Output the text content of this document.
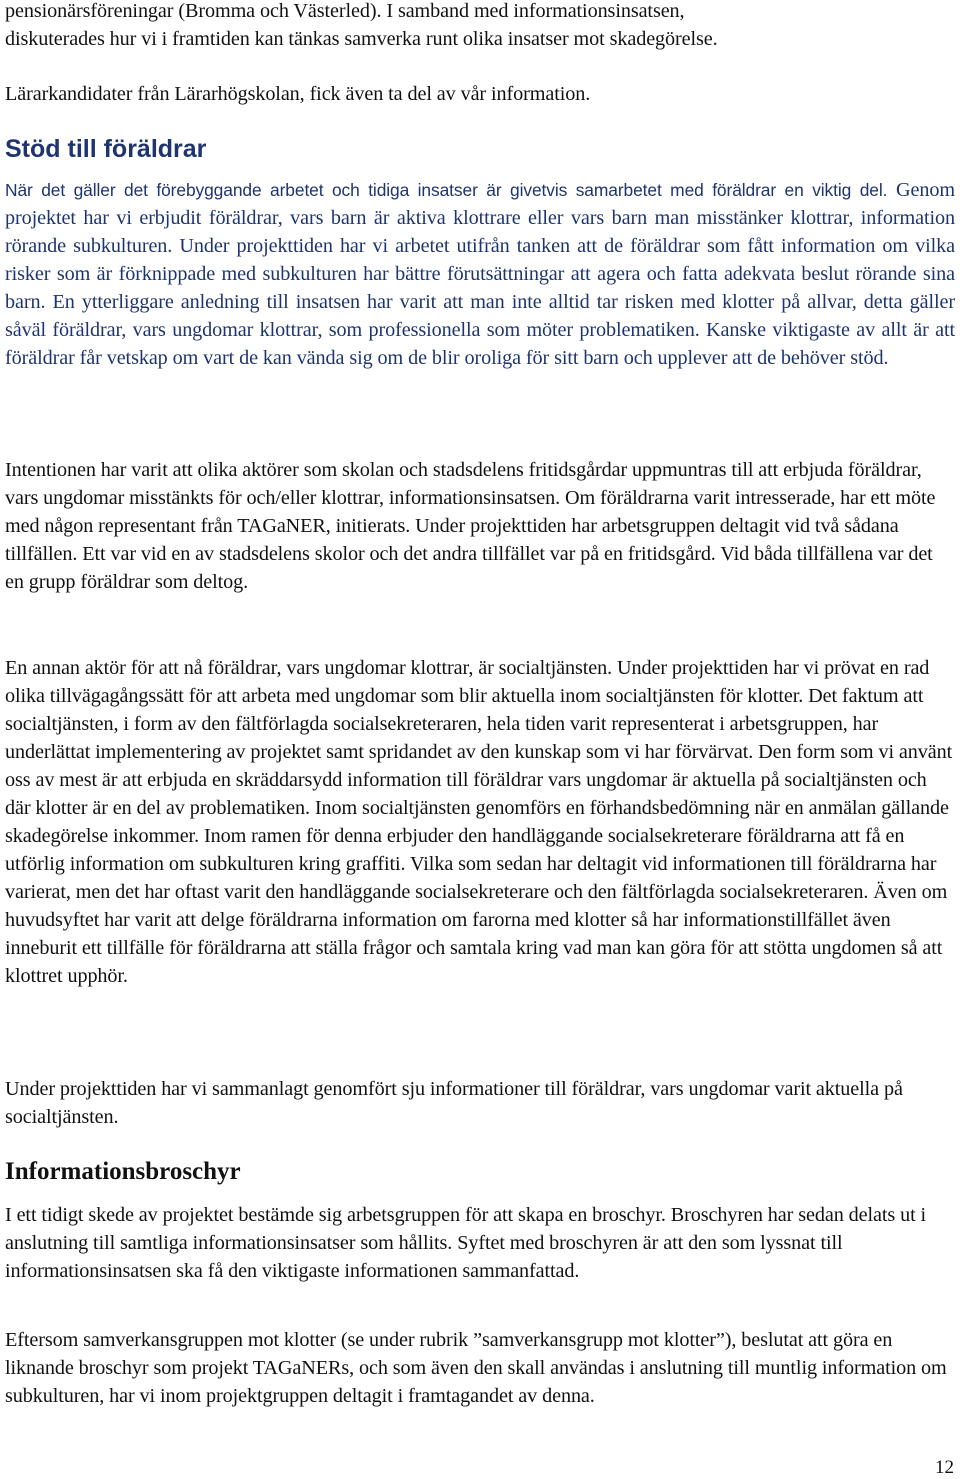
pensionärsföreningar (Bromma och Västerled). I samband med informationsinsatsen,

diskuterades hur vi i framtiden kan tänkas samverka runt olika insatser mot skadegörelse.

Lärarkandidater från Lärarhögskolan, fick även ta del av vår information.

Stöd till föräldrar

När det gäller det förebyggande arbetet och tidiga insatser är givetvis samarbetet med föräldrar en viktig del. Genom projektet har vi erbjudit föräldrar, vars barn är aktiva klottrare eller vars barn man misstänker klottrar, information rörande subkulturen. Under projekttiden har vi arbetet utifrån tanken att de föräldrar som fått information om vilka risker som är förknippade med subkulturen har bättre förutsättningar att agera och fatta adekvata beslut rörande sina barn. En ytterliggare anledning till insatsen har varit att man inte alltid tar risken med klotter på allvar, detta gäller såväl föräldrar, vars ungdomar klottrar, som professionella som möter problematiken. Kanske viktigaste av allt är att föräldrar får vetskap om vart de kan vända sig om de blir oroliga för sitt barn och upplever att de behöver stöd.

Intentionen har varit att olika aktörer som skolan och stadsdelens fritidsgårdar uppmuntras till att erbjuda föräldrar, vars ungdomar misstänkts för och/eller klottrar, informationsinsatsen. Om föräldrarna varit intresserade, har ett möte med någon representant från TAGaNER, initierats. Under projekttiden har arbetsgruppen deltagit vid två sådana tillfällen. Ett var vid en av stadsdelens skolor och det andra tillfället var på en fritidsgård. Vid båda tillfällena var det en grupp föräldrar som deltog.

En annan aktör för att nå föräldrar, vars ungdomar klottrar, är socialtjänsten. Under projekttiden har vi prövat en rad olika tillvägagångssätt för att arbeta med ungdomar som blir aktuella inom socialtjänsten för klotter. Det faktum att socialtjänsten, i form av den fältförlagda socialsekreteraren, hela tiden varit representerat i arbetsgruppen, har underlättat implementering av projektet samt spridandet av den kunskap som vi har förvärvat. Den form som vi använt oss av mest är att erbjuda en skräddarsydd information till föräldrar vars ungdomar är aktuella på socialtjänsten och där klotter är en del av problematiken. Inom socialtjänsten genomförs en förhandsbedömning när en anmälan gällande skadegörelse inkommer. Inom ramen för denna erbjuder den handläggande socialsekreterare föräldrarna att få en utförlig information om subkulturen kring graffiti. Vilka som sedan har deltagit vid informationen till föräldrarna har varierat, men det har oftast varit den handläggande socialsekreterare och den fältförlagda socialsekreteraren. Även om huvudsyftet har varit att delge föräldrarna information om farorna med klotter så har informationstillfället även inneburit ett tillfälle för föräldrarna att ställa frågor och samtala kring vad man kan göra för att stötta ungdomen så att klottret upphör.

Under projekttiden har vi sammanlagt genomfört sju informationer till föräldrar, vars ungdomar varit aktuella på socialtjänsten.

Informationsbroschyr

I ett tidigt skede av projektet bestämde sig arbetsgruppen för att skapa en broschyr. Broschyren har sedan delats ut i anslutning till samtliga informationsinsatser som hållits. Syftet med broschyren är att den som lyssnat till informationsinsatsen ska få den viktigaste informationen sammanfattad.

Eftersom samverkansgruppen mot klotter (se under rubrik ”samverkansgrupp mot klotter”), beslutat att göra en liknande broschyr som projekt TAGaNERs, och som även den skall användas i anslutning till muntlig information om subkulturen, har vi inom projektgruppen deltagit i framtagandet av denna.

12
